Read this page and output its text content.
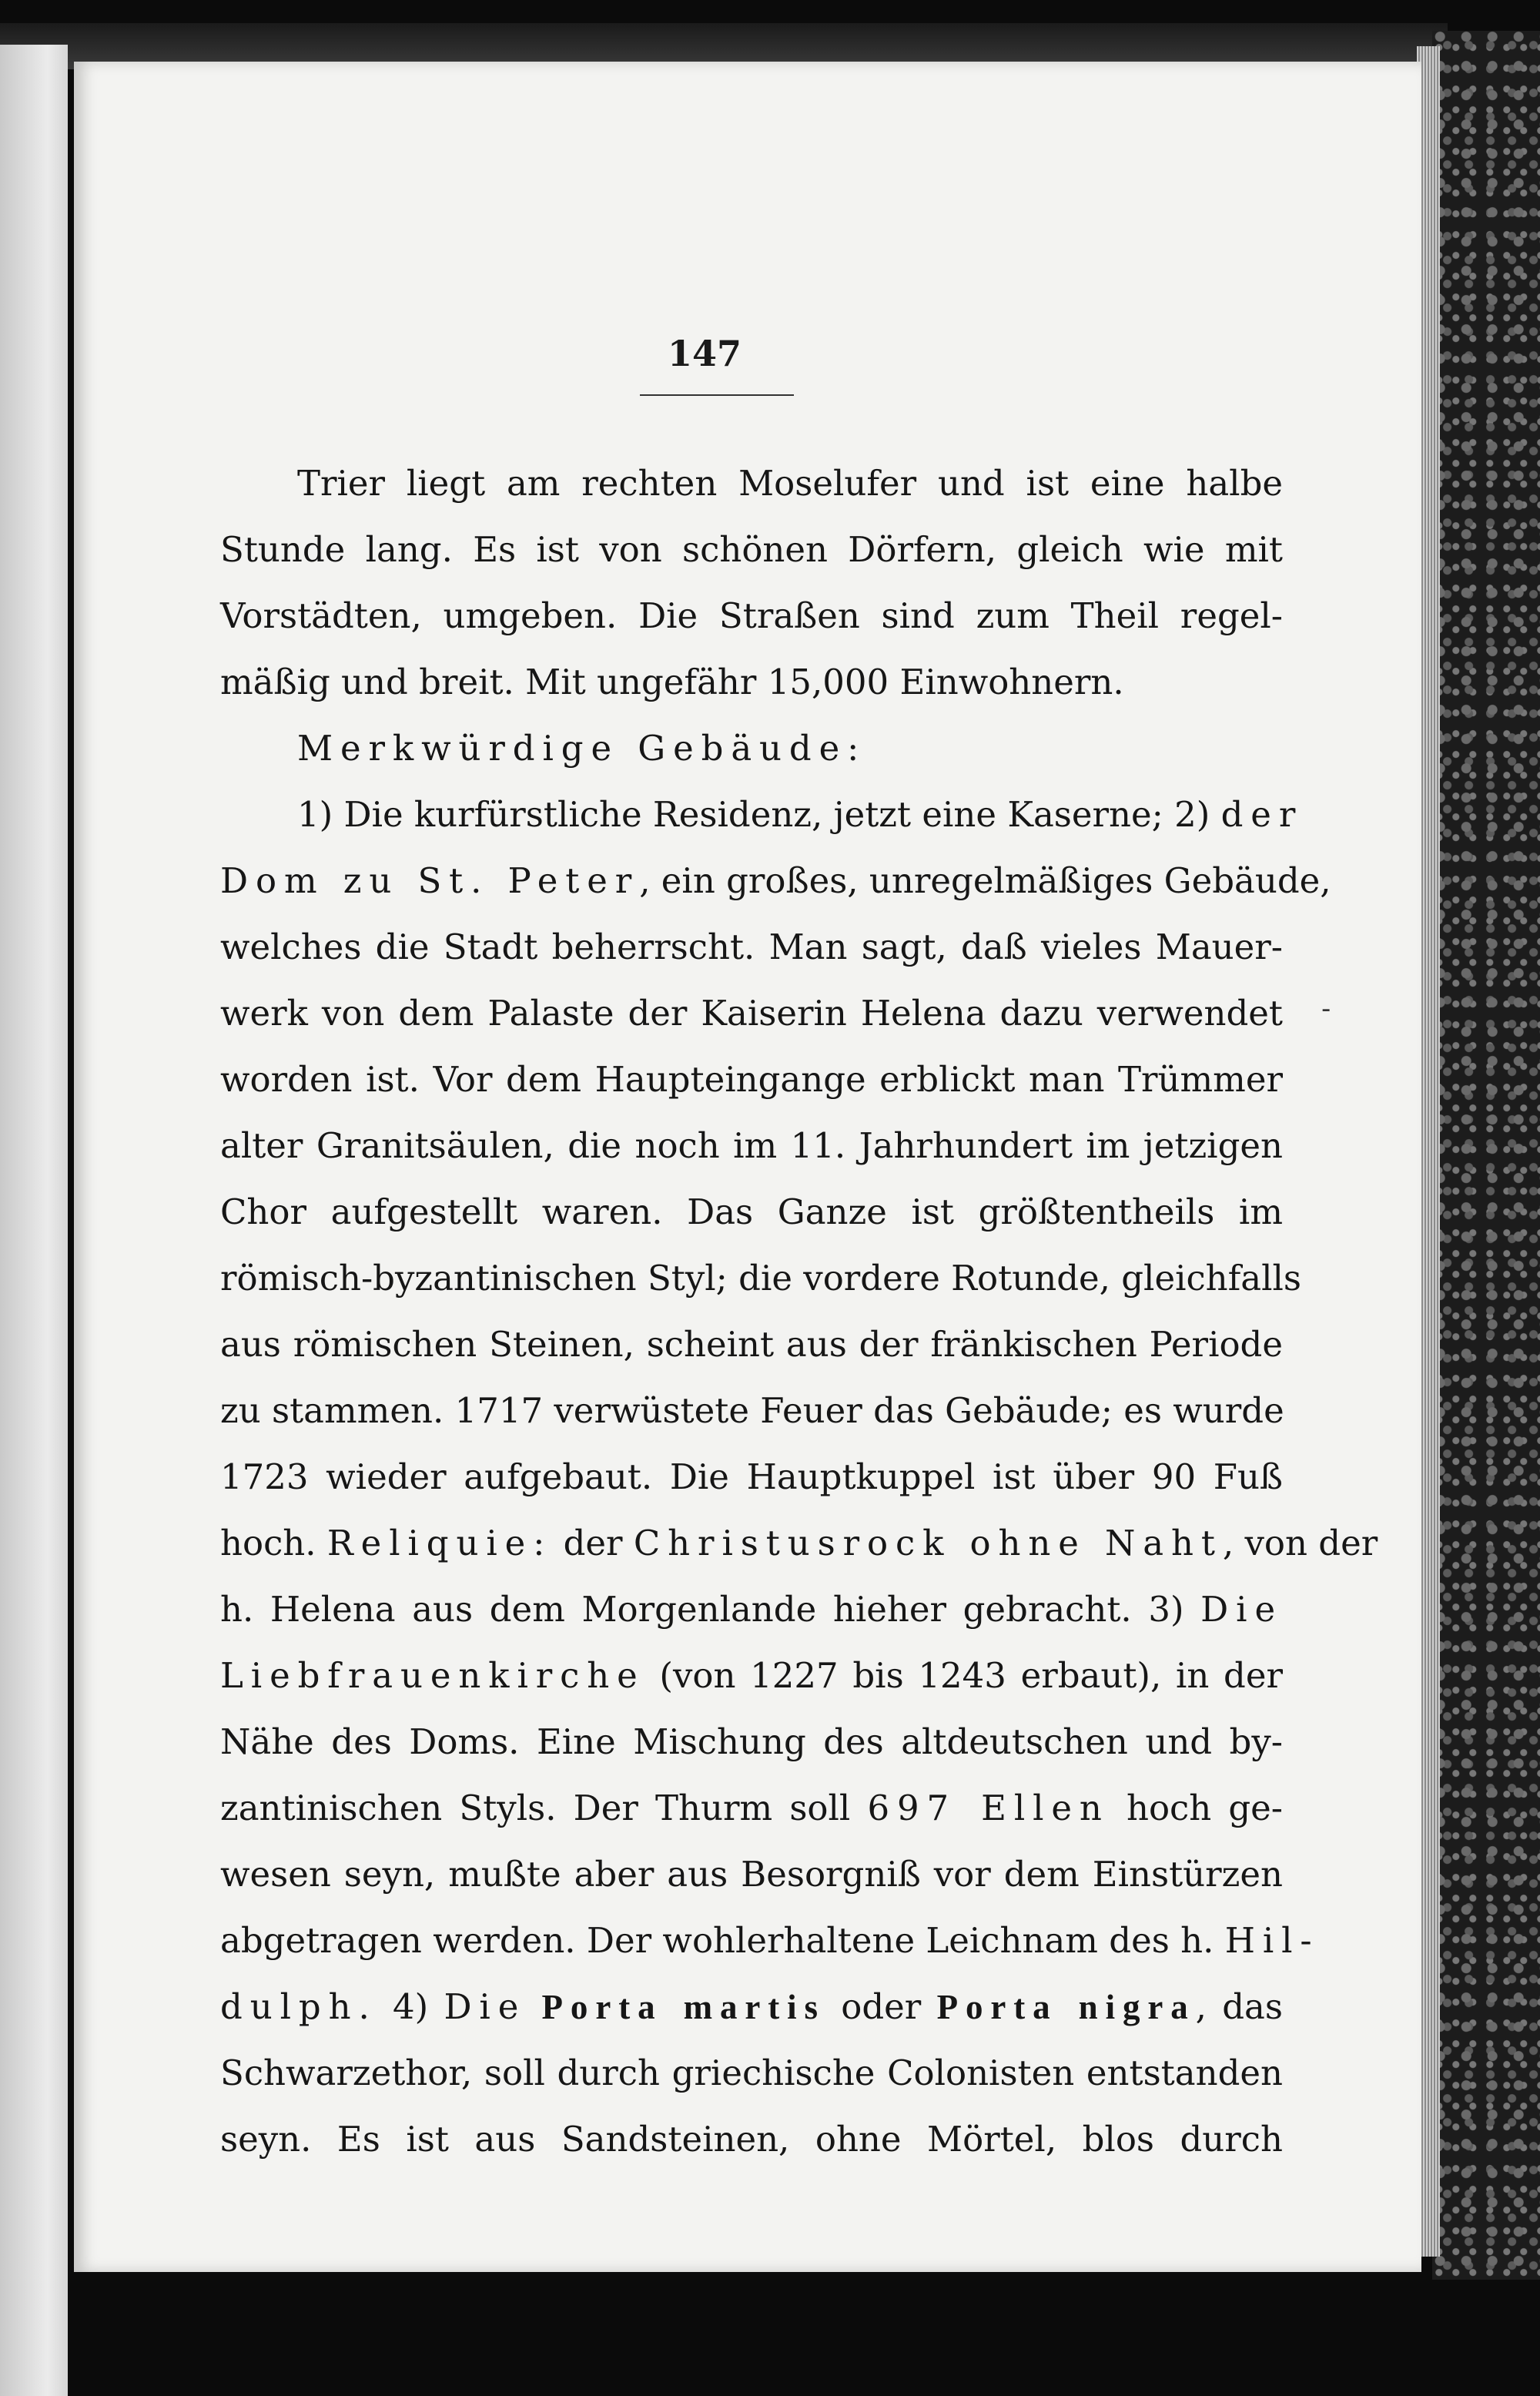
147
-
Trier liegt am rechten Moselufer und ist eine halbe
Stunde lang. Es ist von schönen Dörfern, gleich wie mit
Vorstädten, umgeben. Die Straßen sind zum Theil regel-
mäßig und breit. Mit ungefähr 15,000 Einwohnern.
Merkwürdige Gebäude:
1) Die kurfürstliche Residenz, jetzt eine Kaserne; 2) der
Dom zu St. Peter, ein großes, unregelmäßiges Gebäude,
welches die Stadt beherrscht. Man sagt, daß vieles Mauer-
werk von dem Palaste der Kaiserin Helena dazu verwendet
worden ist. Vor dem Haupteingange erblickt man Trümmer
alter Granitsäulen, die noch im 11. Jahrhundert im jetzigen
Chor aufgestellt waren. Das Ganze ist größtentheils im
römisch-byzantinischen Styl; die vordere Rotunde, gleichfalls
aus römischen Steinen, scheint aus der fränkischen Periode
zu stammen. 1717 verwüstete Feuer das Gebäude; es wurde
1723 wieder aufgebaut. Die Hauptkuppel ist über 90 Fuß
hoch. Reliquie: der Christusrock ohne Naht, von der
h. Helena aus dem Morgenlande hieher gebracht. 3) Die
Liebfrauenkirche (von 1227 bis 1243 erbaut), in der
Nähe des Doms. Eine Mischung des altdeutschen und by-
zantinischen Styls. Der Thurm soll 697 Ellen hoch ge-
wesen seyn, mußte aber aus Besorgniß vor dem Einstürzen
abgetragen werden. Der wohlerhaltene Leichnam des h. Hil-
dulph. 4) Die Porta martis oder Porta nigra, das
Schwarzethor, soll durch griechische Colonisten entstanden
seyn. Es ist aus Sandsteinen, ohne Mörtel, blos durch
